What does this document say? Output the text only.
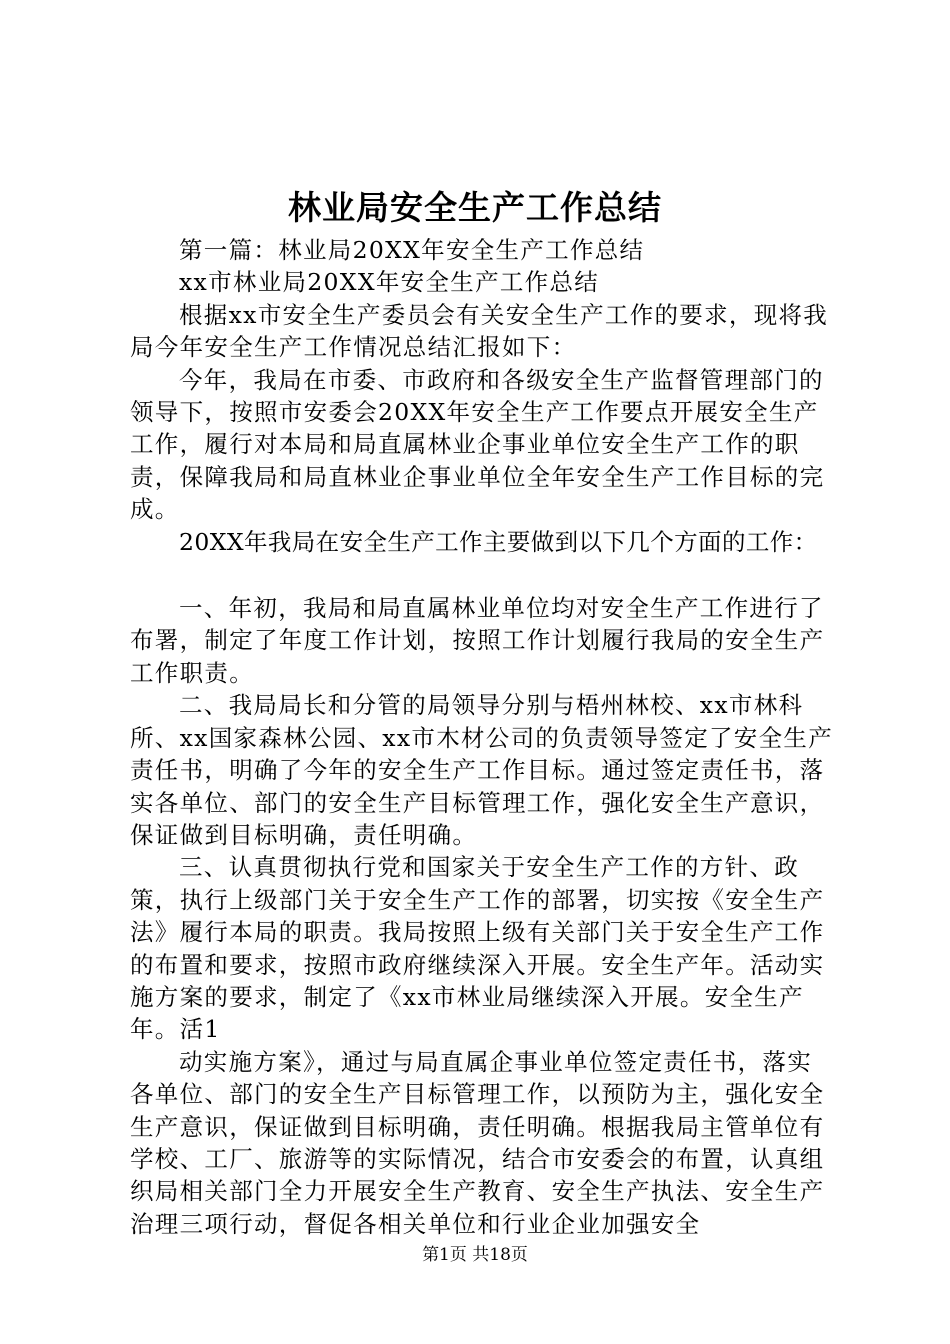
林业局安全生产工作总结

第一篇：林业局20XX年安全生产工作总结

xx市林业局20XX年安全生产工作总结

根据xx市安全生产委员会有关安全生产工作的要求，现将我局今年安全生产工作情况总结汇报如下：

今年，我局在市委、市政府和各级安全生产监督管理部门的领导下，按照市安委会20XX年安全生产工作要点开展安全生产工作，履行对本局和局直属林业企事业单位安全生产工作的职责，保障我局和局直林业企事业单位全年安全生产工作目标的完成。

20XX年我局在安全生产工作主要做到以下几个方面的工作：

一、年初，我局和局直属林业单位均对安全生产工作进行了布署，制定了年度工作计划，按照工作计划履行我局的安全生产工作职责。

二、我局局长和分管的局领导分别与梧州林校、xx市林科所、xx国家森林公园、xx市木材公司的负责领导签定了安全生产责任书，明确了今年的安全生产工作目标。通过签定责任书，落实各单位、部门的安全生产目标管理工作，强化安全生产意识，保证做到目标明确，责任明确。

三、认真贯彻执行党和国家关于安全生产工作的方针、政策，执行上级部门关于安全生产工作的部署，切实按《安全生产法》履行本局的职责。我局按照上级有关部门关于安全生产工作的布置和要求，按照市政府继续深入开展。安全生产年。活动实施方案的要求，制定了《xx市林业局继续深入开展。安全生产年。活1

动实施方案》，通过与局直属企事业单位签定责任书，落实各单位、部门的安全生产目标管理工作，以预防为主，强化安全生产意识，保证做到目标明确，责任明确。根据我局主管单位有学校、工厂、旅游等的实际情况，结合市安委会的布置，认真组织局相关部门全力开展安全生产教育、安全生产执法、安全生产治理三项行动，督促各相关单位和行业企业加强安全

第1页 共18页
